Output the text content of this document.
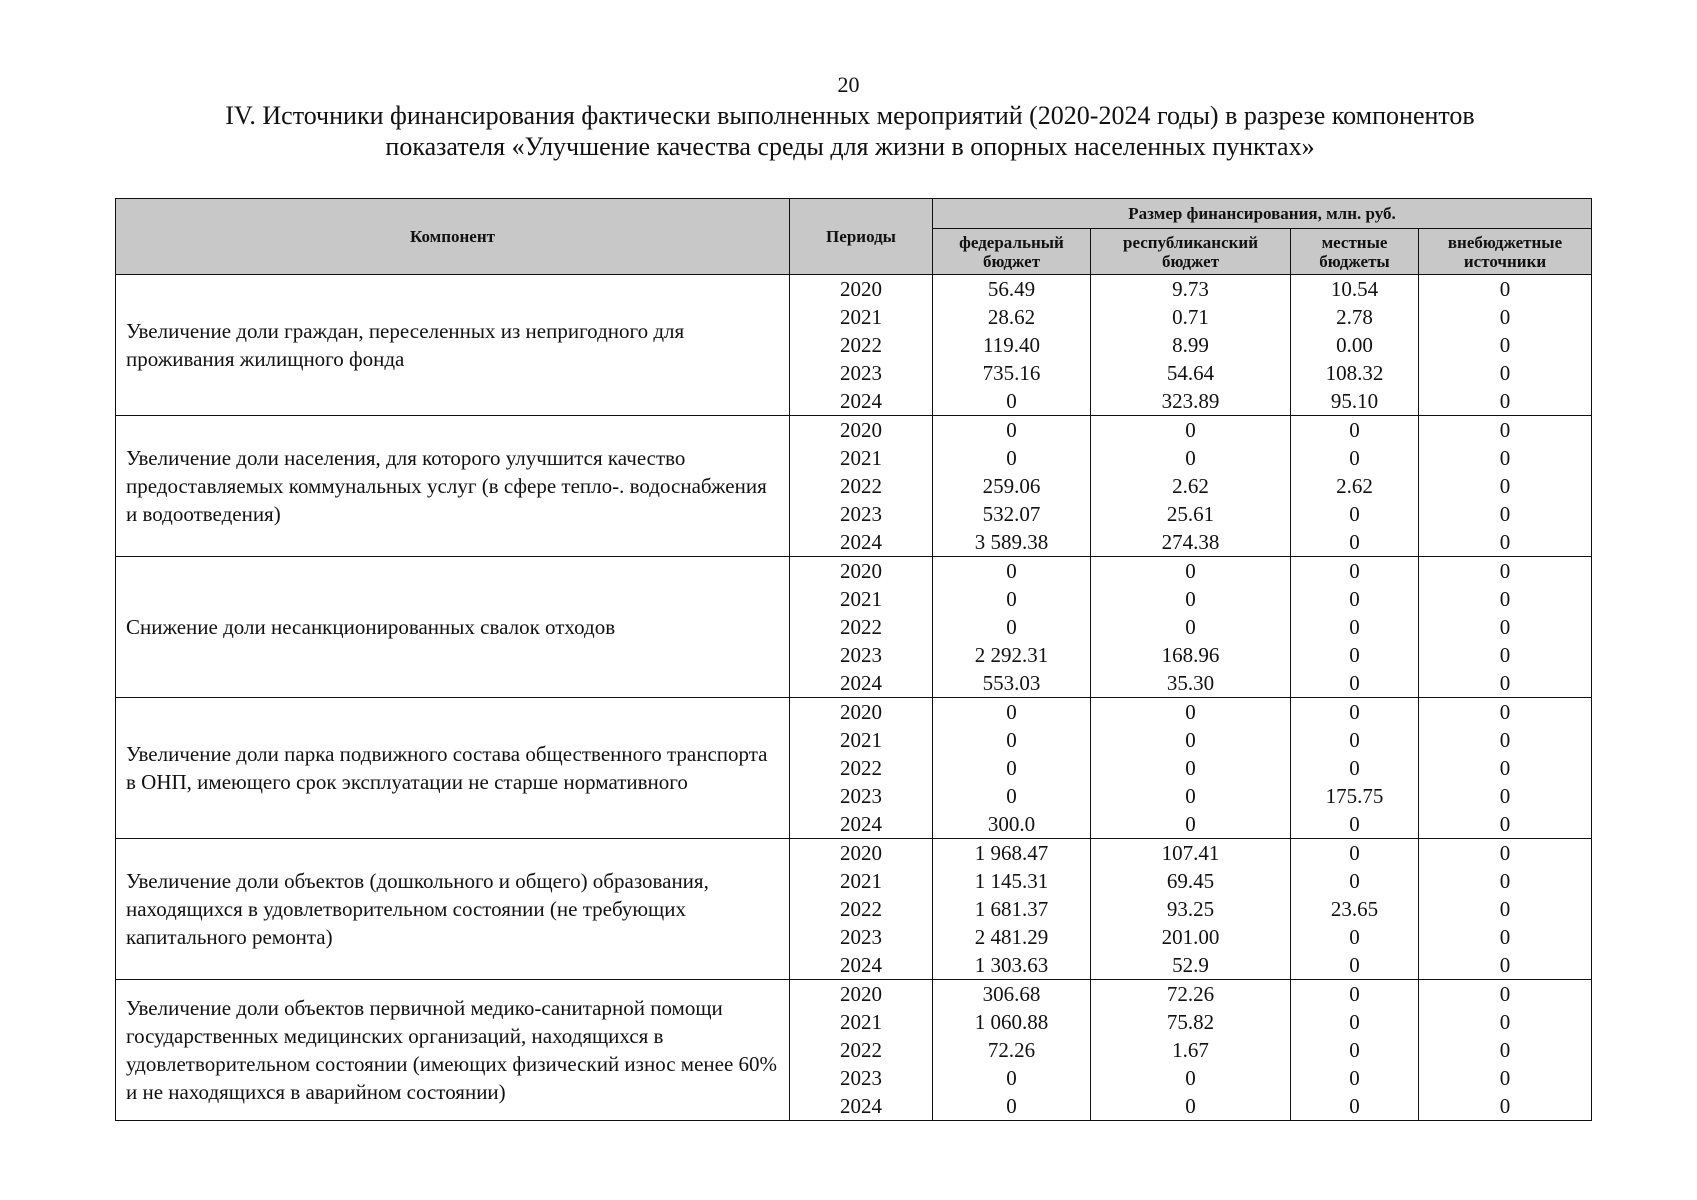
20
IV. Источники финансирования фактически выполненных мероприятий (2020-2024 годы) в разрезе компонентов
показателя «Улучшение качества среды для жизни в опорных населенных пунктах»
Компонент	Периоды	Размер финансирования, млн. руб.			
		федеральный бюджет	республиканский бюджет	местные бюджеты	внебюджетные источники
Увеличение доли граждан, переселенных из непригодного для проживания жилищного фонда	2020	56.49	9.73	10.54	0
	2021	28.62	0.71	2.78	0
	2022	119.40	8.99	0.00	0
	2023	735.16	54.64	108.32	0
	2024	0	323.89	95.10	0
Увеличение доли населения, для которого улучшится качество предоставляемых коммунальных услуг (в сфере тепло-. водоснабжения и водоотведения)	2020	0	0	0	0
	2021	0	0	0	0
	2022	259.06	2.62	2.62	0
	2023	532.07	25.61	0	0
	2024	3 589.38	274.38	0	0
Снижение доли несанкционированных свалок отходов	2020	0	0	0	0
	2021	0	0	0	0
	2022	0	0	0	0
	2023	2 292.31	168.96	0	0
	2024	553.03	35.30	0	0
Увеличение доли парка подвижного состава общественного транспорта в ОНП, имеющего срок эксплуатации не старше нормативного	2020	0	0	0	0
	2021	0	0	0	0
	2022	0	0	0	0
	2023	0	0	175.75	0
	2024	300.0	0	0	0
Увеличение доли объектов (дошкольного и общего) образования, находящихся в удовлетворительном состоянии (не требующих капитального ремонта)	2020	1 968.47	107.41	0	0
	2021	1 145.31	69.45	0	0
	2022	1 681.37	93.25	23.65	0
	2023	2 481.29	201.00	0	0
	2024	1 303.63	52.9	0	0
Увеличение доли объектов первичной медико-санитарной помощи государственных медицинских организаций, находящихся в удовлетворительном состоянии (имеющих физический износ менее 60% и не находящихся в аварийном состоянии)	2020	306.68	72.26	0	0
	2021	1 060.88	75.82	0	0
	2022	72.26	1.67	0	0
	2023	0	0	0	0
	2024	0	0	0	0
